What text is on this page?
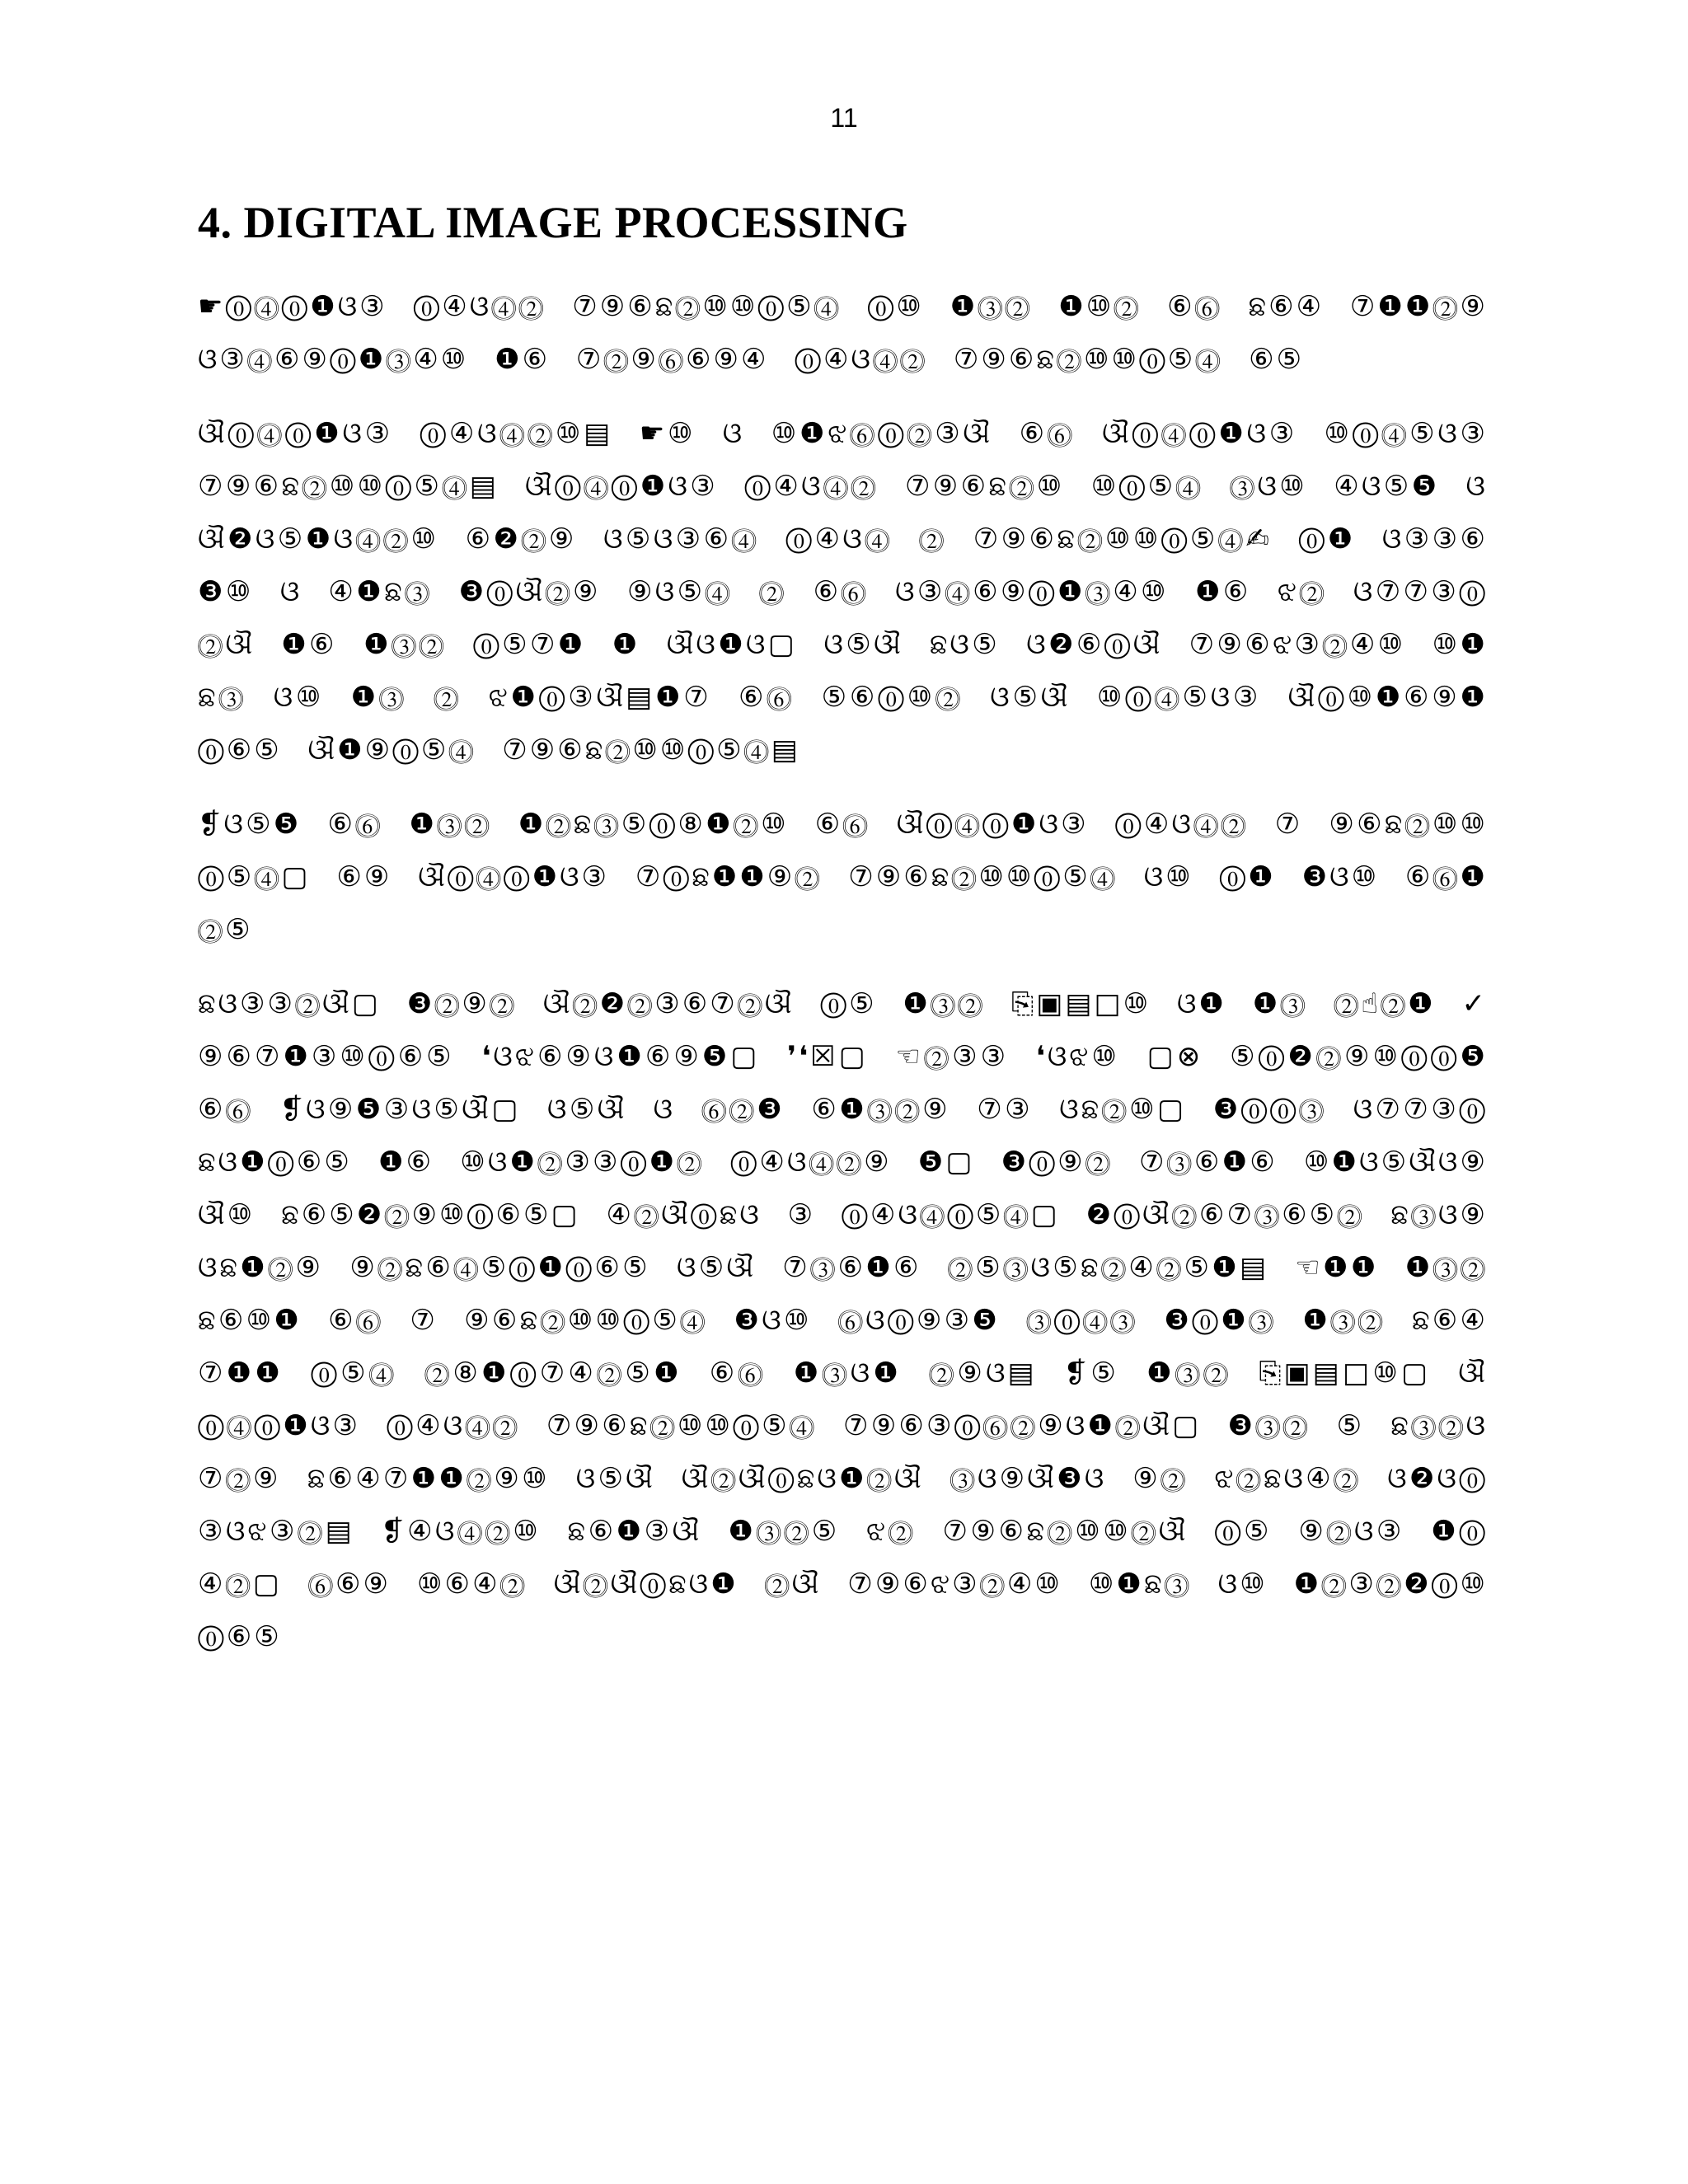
11
4. DIGITAL IMAGE PROCESSING

☛⓪⓸⓪❶ଓ③ ⓪④ଓ⓸⓶ ⑦⑨⑥ଛ⓶⑩⑩⓪⑤⓸ ⓪⑩ ❶⓷⓶ ❶⑩⓶ ⑥⓺ ଛ⑥④ ⑦❶❶⓶⑨ ଓ③⓸⑥⑨⓪❶⓷④⑩ ❶⑥ ⑦⓶⑨⓺⑥⑨④ ⓪④ଓ⓸⓶ ⑦⑨⑥ଛ⓶⑩⑩⓪⑤⓸ ⑥⑤

ଔ⓪⓸⓪❶ଓ③ ⓪④ଓ⓸⓶⑩▤ ☛⑩ ଓ ⑩❶ଝ⓺⓪⓶③ଔ ⑥⓺ ଔ⓪⓸⓪❶ଓ③ ⑩⓪⓸⑤ଓ③ ⑦⑨⑥ଛ⓶⑩⑩⓪⑤⓸▤ ଔ⓪⓸⓪❶ଓ③ ⓪④ଓ⓸⓶ ⑦⑨⑥ଛ⓶⑩ ⑩⓪⑤⓸ ⓷ଓ⑩ ④ଓ⑤❺ ଓଔ❷ଓ⑤❶ଓ⓸⓶⑩ ⑥❷⓶⑨ ଓ⑤ଓ③⑥⓸ ⓪④ଓ⓸ ⓶ ⑦⑨⑥ଛ⓶⑩⑩⓪⑤⓸✍ ⓪❶ ଓ③③⑥❸⑩ ଓ ④❶ଛ⓷ ❸⓪ଔ⓶⑨ ⑨ଓ⑤⓸ ⓶ ⑥⓺ ଓ③⓸⑥⑨⓪❶⓷④⑩ ❶⑥ ଝ⓶ ଓ⑦⑦③⓪⓶ଔ ❶⑥ ❶⓷⓶ ⓪⑤⑦❶ ❶ ଔଓ❶ଓ▢ ଓ⑤ଔ ଛଓ⑤ ଓ❷⑥⓪ଔ ⑦⑨⑥ଝ③⓶④⑩ ⑩❶ଛ⓷ ଓ⑩ ❶⓷ ⓶ ଝ❶⓪③ଔ▤❶⑦ ⑥⓺ ⑤⑥⓪⑩⓶ ଓ⑤ଔ ⑩⓪⓸⑤ଓ③ ଔ⓪⑩❶⑥⑨❶⓪⑥⑤ ଔ❶⑨⓪⑤⓸ ⑦⑨⑥ଛ⓶⑩⑩⓪⑤⓸▤

❡ଓ⑤❺ ⑥⓺ ❶⓷⓶ ❶⓶ଛ⓷⑤⓪⑧❶⓶⑩ ⑥⓺ ଔ⓪⓸⓪❶ଓ③ ⓪④ଓ⓸⓶ ⑦ ⑨⑥ଛ⓶⑩⑩⓪⑤⓸▢ ⑥⑨ ଔ⓪⓸⓪❶ଓ③ ⑦⓪ଛ❶❶⑨⓶ ⑦⑨⑥ଛ⓶⑩⑩⓪⑤⓸ ଓ⑩ ⓪❶ ❸ଓ⑩ ⑥⓺❶⓶⑤

ଛଓ③③⓶ଔ▢ ❸⓶⑨⓶ ଔ⓶❷⓶③⑥⑦⓶ଔ ⓪⑤ ❶⓷⓶ ⎘▣▤□⑩ ଓ❶ ❶⓷ ⓶☝⓶❶ ✓⑨⑥⑦❶③⑩⓪⑥⑤ ❛ଓଝ⑥⑨ଓ❶⑥⑨❺▢ ❜❛☒▢ ☜⓶③③ ❛ଓଝ⑩ ▢⊗ ⑤⓪❷⓶⑨⑩⓪⓪❺ ⑥⓺ ❡ଓ⑨❺③ଓ⑤ଔ▢ ଓ⑤ଔ ଓ ⓺⓶❸ ⑥❶⓷⓶⑨ ⑦③ ଓଛ⓶⑩▢ ❸⓪⓪⓷ ଓ⑦⑦③⓪ଛଓ❶⓪⑥⑤ ❶⑥ ⑩ଓ❶⓶③③⓪❶⓶ ⓪④ଓ⓸⓶⑨ ❺▢ ❸⓪⑨⓶ ⑦⓷⑥❶⑥ ⑩❶ଓ⑤ଔଓ⑨ଔ⑩ ଛ⑥⑤❷⓶⑨⑩⓪⑥⑤▢ ④⓶ଔ⓪ଛଓ ③ ⓪④ଓ⓸⓪⑤⓸▢ ❷⓪ଔ⓶⑥⑦⓷⑥⑤⓶ ଛ⓷ଓ⑨ଓଛ❶⓶⑨ ⑨⓶ଛ⑥⓸⑤⓪❶⓪⑥⑤ ଓ⑤ଔ ⑦⓷⑥❶⑥ ⓶⑤⓷ଓ⑤ଛ⓶④⓶⑤❶▤ ☜❶❶ ❶⓷⓶ ଛ⑥⑩❶ ⑥⓺ ⑦ ⑨⑥ଛ⓶⑩⑩⓪⑤⓸ ❸ଓ⑩ ⓺ଓ⓪⑨③❺ ⓷⓪⓸⓷ ❸⓪❶⓷ ❶⓷⓶ ଛ⑥④⑦❶❶ ⓪⑤⓸ ⓶⑧❶⓪⑦④⓶⑤❶ ⑥⓺ ❶⓷ଓ❶ ⓶⑨ଓ▤ ❡⑤ ❶⓷⓶ ⎘▣▤□⑩▢ ଔ ⓪⓸⓪❶ଓ③ ⓪④ଓ⓸⓶ ⑦⑨⑥ଛ⓶⑩⑩⓪⑤⓸ ⑦⑨⑥③⓪⓺⓶⑨ଓ❶⓶ଔ▢ ❸⓷⓶ ⑤ ଛ⓷⓶ଓ⑦⓶⑨ ଛ⑥④⑦❶❶⓶⑨⑩ ଓ⑤ଔ ଔ⓶ଔ⓪ଛଓ❶⓶ଔ ⓷ଓ⑨ଔ❸ଓ ⑨⓶ ଝ⓶ଛଓ④⓶ ଓ❷ଓ⓪③ଓଝ③⓶▤ ❡④ଓ⓸⓶⑩ ଛ⑥❶③ଔ ❶⓷⓶⑤ ଝ⓶ ⑦⑨⑥ଛ⓶⑩⑩⓶ଔ ⓪⑤ ⑨⓶ଓ③ ❶⓪④⓶▢ ⓺⑥⑨ ⑩⑥④⓶ ଔ⓶ଔ⓪ଛଓ❶ ⓶ଔ ⑦⑨⑥ଝ③⓶④⑩ ⑩❶ଛ⓷ ଓ⑩ ❶⓶③⓶❷⓪⑩⓪⑥⑤
